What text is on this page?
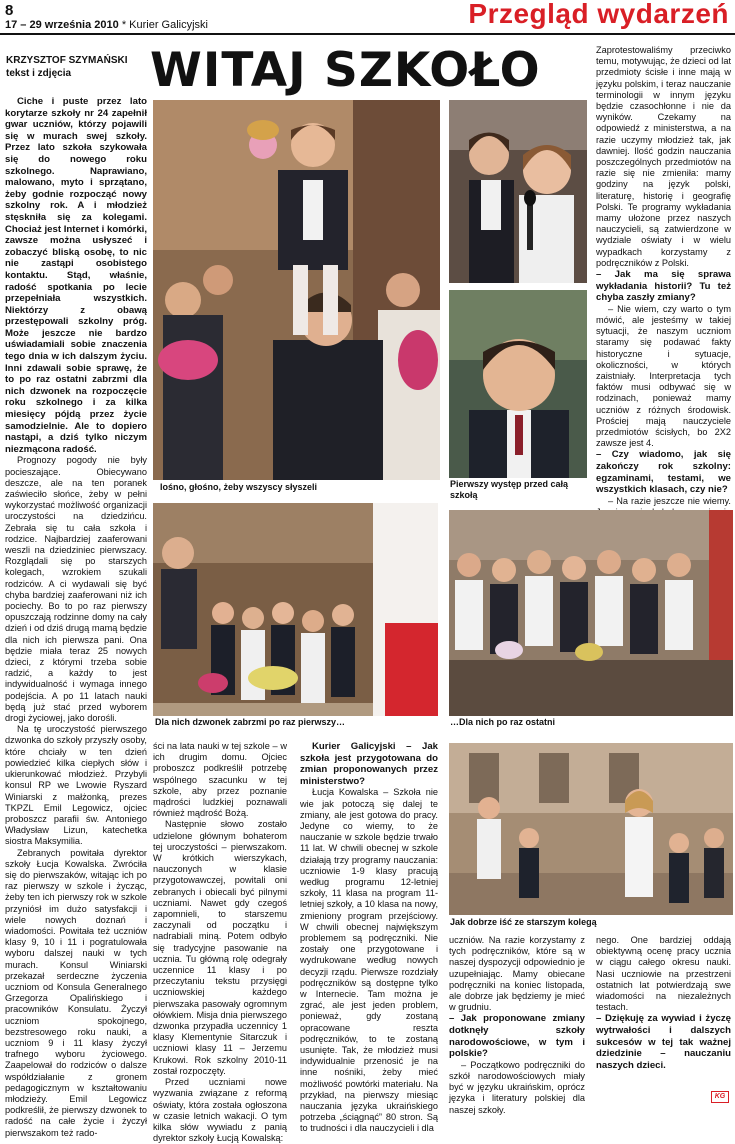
8
17 – 29 września 2010 * Kurier Galicyjski	Przegląd wydarzeń
KRZYSZTOF SZYMAŃSKI
tekst i zdjęcia	WITAJ SZKOŁO

Ciche i puste przez lato korytarze szkoły nr 24 zapełnił gwar uczniów, którzy pojawili się w murach swej szkoły. Przez lato szkoła szykowała się do nowego roku szkolnego. Naprawiano, malowano, myto i sprzątano, żeby godnie rozpocząć nowy szkolny rok. A i młodzież stęskniła się za kolegami. Chociaż jest Internet i komórki, zawsze można usłyszeć i zobaczyć bliską osobę, to nic nie zastąpi osobistego kontaktu. Stąd, właśnie, radość spotkania po lecie przepełniała wszystkich. Niektórzy z obawą przestępowali szkolny próg. Może jeszcze nie bardzo uświadamiali sobie znaczenia tego dnia w ich dalszym życiu. Inni zdawali sobie sprawę, że to po raz ostatni zabrzmi dla nich dzwonek na rozpoczęcie roku szkolnego i za kilka miesięcy pójdą przez życie samodzielnie. Ale to dopiero nastąpi, a dziś tylko niczym niezmącona radość.

Prognozy pogody nie były pocieszające. Obiecywano deszcze, ale na ten poranek zaświeciło słońce, żeby w pełni wykorzystać możliwość organizacji uroczystości na dziedzińcu. Zebrała się tu cała szkoła i rodzice. Najbardziej zaaferowani weszli na dziedziniec pierwszacy. Rozglądali się po starszych kolegach, wzrokiem szukali rodziców. A ci wydawali się być chyba bardziej zaaferowani niż ich pociechy. Bo to po raz pierwszy opuszczają rodzinne domy na cały dzień i od dziś drugą mamą będzie dla nich ich pierwsza pani. Ona będzie miała teraz 25 nowych dzieci, z którymi trzeba sobie radzić, a każdy to jest indywidualność i wymaga innego podejścia. A po 11 latach nauki będą już stać przed wyborem drogi życiowej, jako dorośli.

Na tę uroczystość pierwszego dzwonka do szkoły przyszły osoby, które chciały w ten dzień powiedzieć kilka ciepłych słów i ukierunkować młodzież. Przybyli konsul RP we Lwowie Ryszard Winiarski z małżonką, prezes TKPZL Emil Legowicz, ojciec proboszcz parafii św. Antoniego Władysław Lizun, katechetka siostra Maksymilia.

Zebranych powitała dyrektor szkoły Łucja Kowalska. Zwróciła się do pierwszaków, witając ich po raz pierwszy w szkole i życząc, żeby ten ich pierwszy rok w szkole przyniósł im dużo satysfakcji i wiele nowych doznań i wiadomości. Powitała też uczniów klasy 9, 10 i 11 i pogratulowała wyboru dalszej nauki w tych murach. Konsul Winiarski przekazał serdeczne życzenia uczniom od Konsula Generalnego Grzegorza Opalińskiego i pracowników Konsulatu. Życzył uczniom spokojnego, bezstresowego roku nauki, a uczniom 9 i 11 klasy życzył trafnego wyboru życiowego. Zaapelował do rodziców o dalsze współdziałanie z gronem pedagogicznym w kształtowaniu młodzieży. Emil Legowicz podkreślił, że pierwszy dzwonek to radość na całe życie i życzył pierwszakom też rado-

Iośno, głośno, żeby wszyscy słyszeli

Zaprotestowaliśmy przeciwko temu, motywując, że dzieci od lat przedmioty ścisłe i inne mają w języku polskim, i teraz nauczanie terminologii w innym języku będzie czasochłonne i nie da wyników. Czekamy na odpowiedź z ministerstwa, a na razie uczymy młodzież tak, jak dawniej. Ilość godzin nauczania poszczególnych przedmiotów na razie się nie zmieniła: mamy godziny na język polski, literaturę, historię i geografię Polski. Te programy wykładania mamy ułożone przez naszych nauczycieli, są zatwierdzone w wydziale oświaty i w wielu wypadkach korzystamy z podręczników z Polski.

– Jak ma się sprawa wykładania historii? Tu też chyba zaszły zmiany?

– Nie wiem, czy warto o tym mówić, ale jesteśmy w takiej sytuacji, że naszym uczniom staramy się podawać fakty historyczne i sytuacje, okoliczności, w których zaistniały. Interpretacja tych faktów musi odbywać się w rodzinach, ponieważ mamy uczniów z różnych środowisk. Prościej mają nauczyciele przedmiotów ścisłych, bo 2X2 zawsze jest 4.

– Czy wiadomo, jak się zakończy rok szkolny: egzaminami, testami, we wszystkich klasach, czy nie?

– Na razie jeszcze nie wiemy.

Pierwszy występ przed całą szkołą
Dla nich dzwonek zabrzmi po raz pierwszy…	…Dla nich po raz ostatni

ści na lata nauki w tej szkole – w ich drugim domu. Ojciec proboszcz podkreślił potrzebę wspólnego szacunku w tej szkole, aby przez poznanie mądrości ludzkiej poznawali również mądrość Bożą.

Następnie słowo zostało udzielone głównym bohaterom tej uroczystości – pierwszakom. W krótkich wierszykach, nauczonych w klasie przygotowawczej, powitali oni zebranych i obiecali być pilnymi uczniami. Nawet gdy czegoś zapomnieli, to starszemu zaczynali od początku i nadrabiali miną. Potem odbyło się tradycyjne pasowanie na ucznia. Tu główną rolę odegrały uczennice 11 klasy i po przeczytaniu tekstu przysięgi uczniowskiej każdego pierwszaka pasowały ogromnym ołówkiem. Misja dnia pierwszego dzwonka przypadła uczennicy 1 klasy Klementynie Sitarczuk i uczniowi klasy 11 – Jerzemu Krukowi. Rok szkolny 2010-11 został rozpoczęty.

Przed uczniami nowe wyzwania związane z reformą oświaty, która została ogłoszona w czasie letnich wakacji. O tym kilka słów wywiadu z panią dyrektor szkoły Łucją Kowalską:

Kurier Galicyjski – Jak szkoła jest przygotowana do zmian proponowanych przez ministerstwo?

Łucja Kowalska – Szkoła nie wie jak potoczą się dalej te zmiany, ale jest gotowa do pracy. Jedyne co wiemy, to że nauczanie w szkole będzie trwało 11 lat. W chwili obecnej w szkole działają trzy programy nauczania: uczniowie 1-9 klasy pracują według programu 12-letniej szkoły, 11 klasa na program 11-letniej szkoły, a 10 klasa na nowy, zmieniony program przejściowy. W chwili obecnej największym problemem są podręczniki. Nie zostały one przygotowane i wydrukowane według nowych decyzji rządu. Pierwsze rozdziały podręczników są dostępne tylko w Internecie. Tam można je zgrać, ale jest jeden problem, ponieważ, gdy zostaną opracowane reszta podręczników, to te zostaną usunięte. Tak, że młodzież musi indywidualnie przenosić je na inne nośniki, żeby mieć możliwość powtórki materiału. Na przykład, na pierwszy miesiąc nauczania języka ukraińskiego potrzeba „ściągnąć” 80 stron. Są to trudności i dla nauczycieli i dla

Jak dobrze iść ze starszym kolegą

uczniów. Na razie korzystamy z tych podręczników, które są w naszej dyspozycji odpowiednio je uzupełniając. Mamy obiecane podręczniki na koniec listopada, ale dobrze jak będziemy je mieć w grudniu.

– Jak proponowane zmiany dotknęły szkoły narodowościowe, w tym i polskie?

– Początkowo podręczniki do szkół narodowościowych miały być w języku ukraińskim, oprócz języka i literatury polskiej dla naszej szkoły.

nego. One bardziej oddają obiektywną ocenę pracy ucznia w ciągu całego okresu nauki. Nasi uczniowie na przestrzeni ostatnich lat potwierdzają swe wiadomości na niezależnych testach.

– Dziękuję za wywiad i życzę wytrwałości i dalszych sukcesów w tej tak ważnej dziedzinie – nauczaniu naszych dzieci.

KG
